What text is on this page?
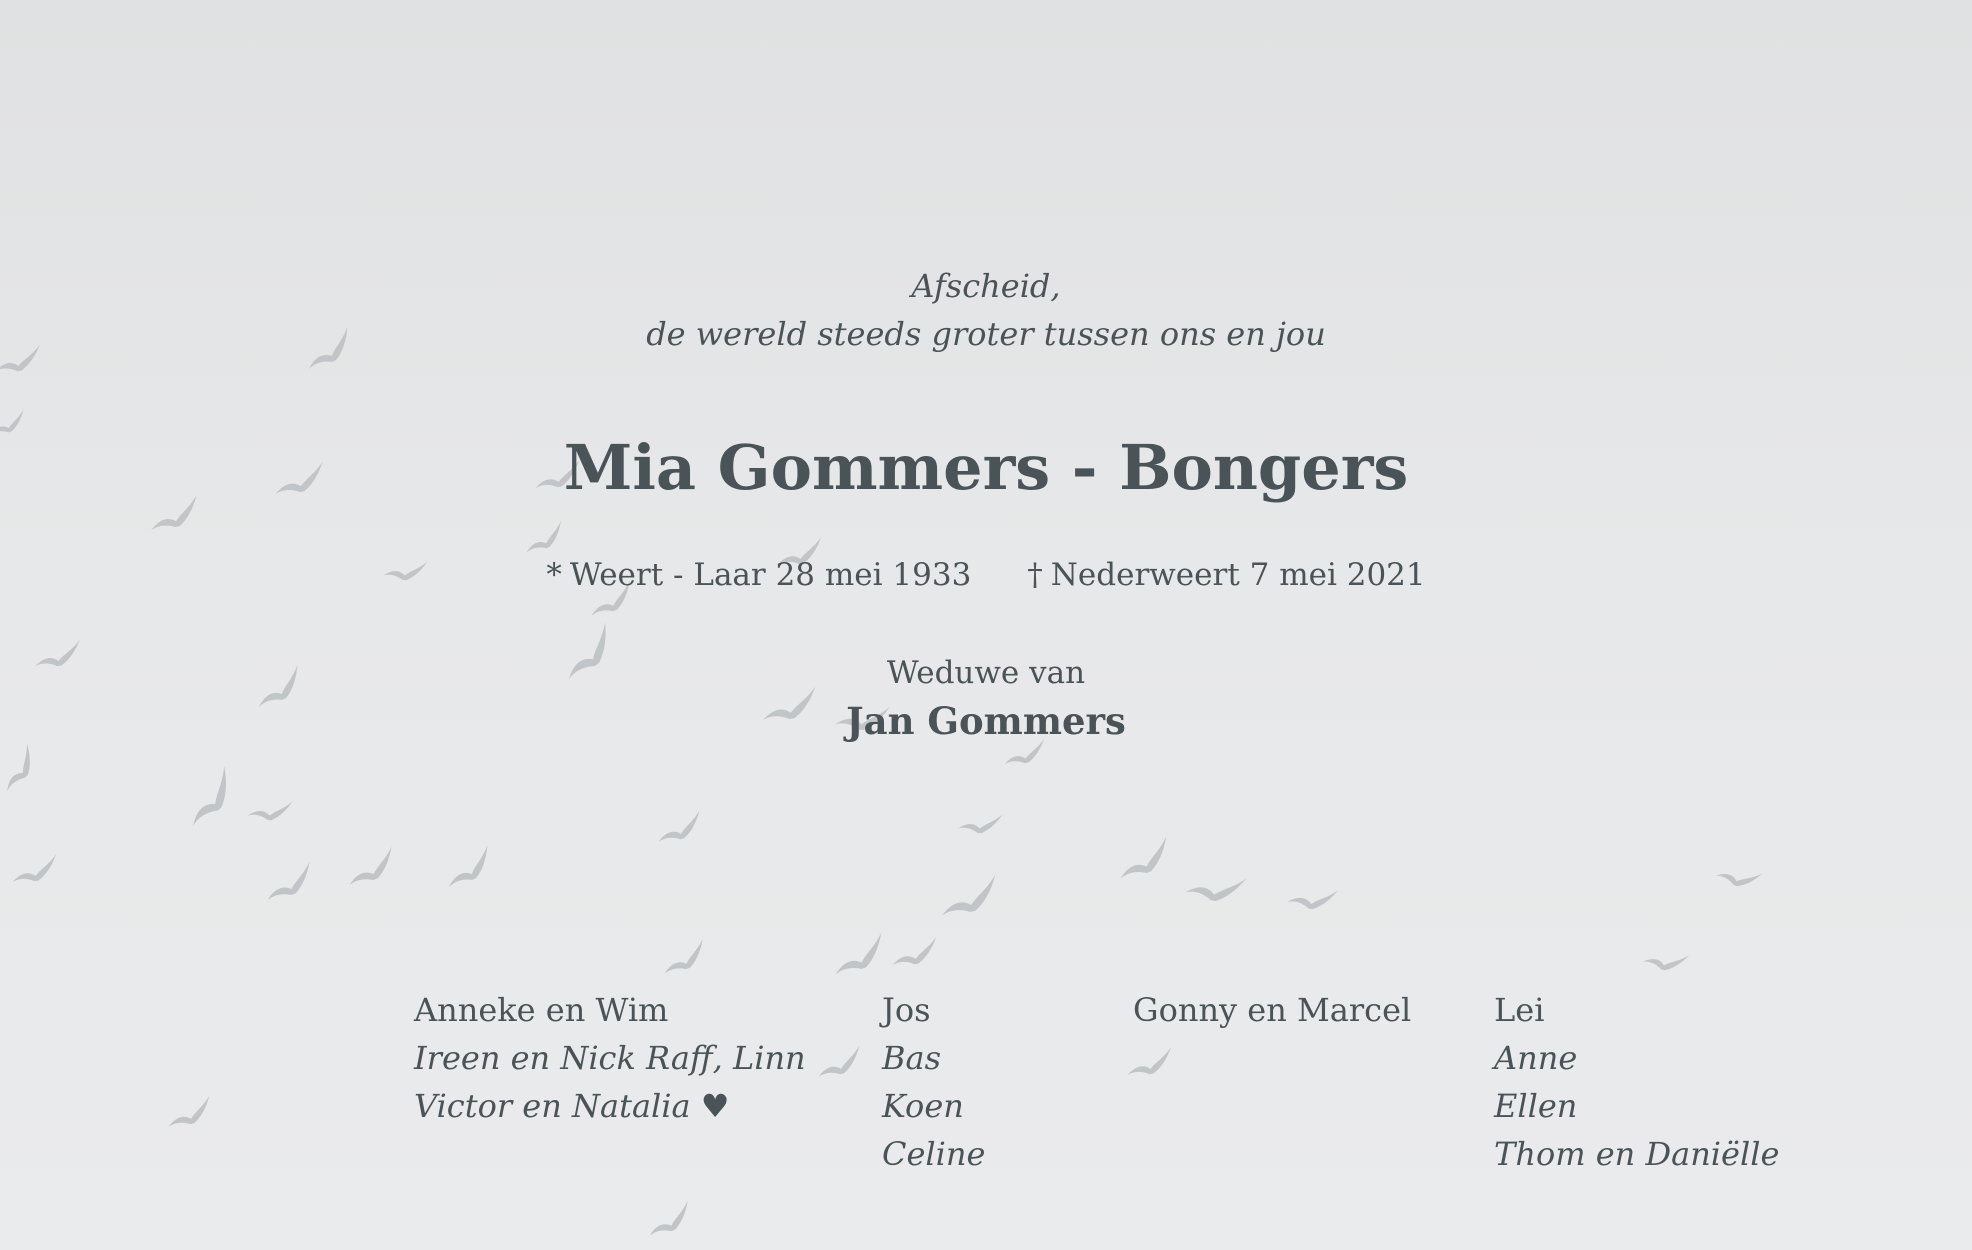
Afscheid,
de wereld steeds groter tussen ons en jou
Mia Gommers - Bongers
* Weert - Laar 28 mei 1933 † Nederweert 7 mei 2021
Weduwe van
Jan Gommers
Anneke en Wim
Ireen en Nick Raff, Linn
Victor en Natalia ♥
Jos
Bas
Koen
Celine
Gonny en Marcel	Lei
Anne
Ellen
Thom en Daniëlle
